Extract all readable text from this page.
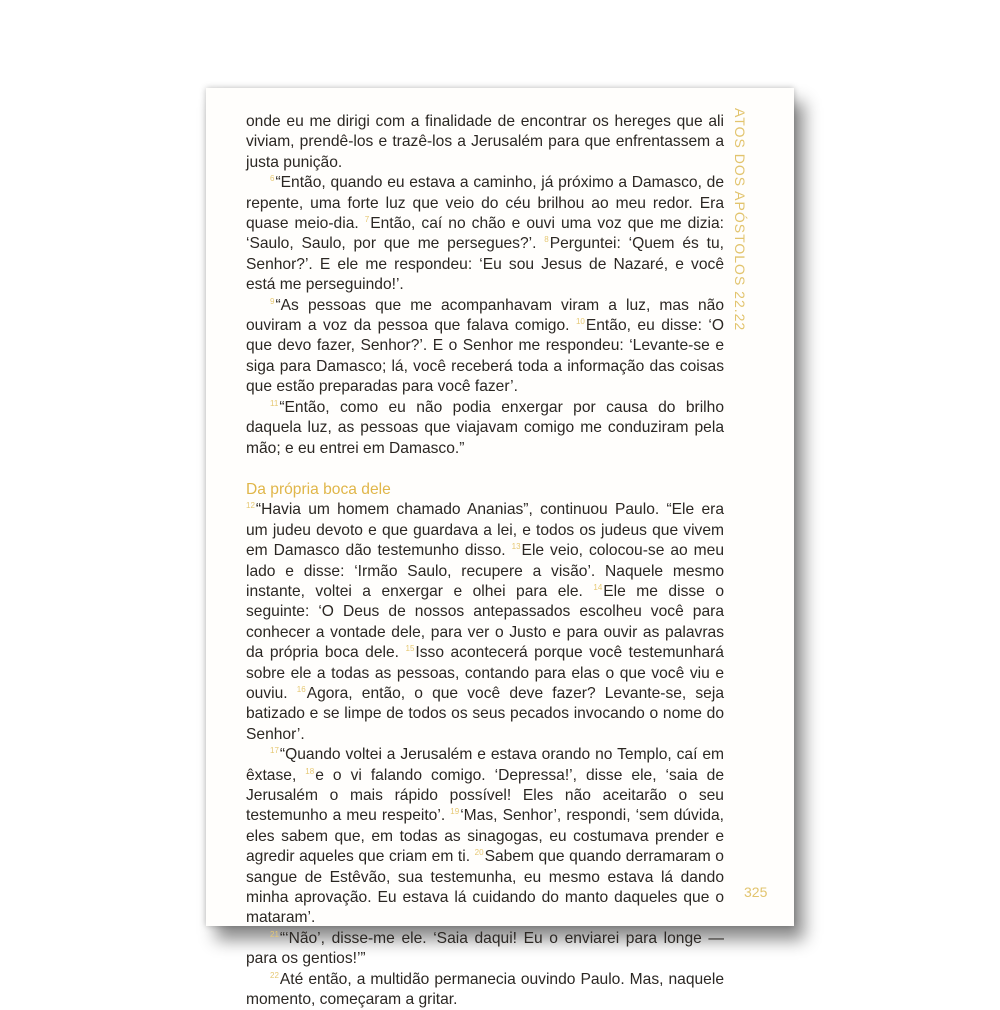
ATOS DOS APÓSTOLOS 22.22

onde eu me dirigi com a finalidade de encontrar os hereges que ali viviam, prendê-los e trazê-los a Jerusalém para que enfrentassem a justa punição.

$^6$“Então, quando eu estava a caminho, já próximo a Damasco, de repente, uma forte luz que veio do céu brilhou ao meu redor. Era quase meio-dia. $^7$Então, caí no chão e ouvi uma voz que me dizia: ‘Saulo, Saulo, por que me persegues?’. $^8$Perguntei: ‘Quem és tu, Senhor?’. E ele me respondeu: ‘Eu sou Jesus de Nazaré, e você está me perseguindo!’.

$^9$“As pessoas que me acompanhavam viram a luz, mas não ouviram a voz da pessoa que falava comigo. $^{10}$Então, eu disse: ‘O que devo fazer, Senhor?’. E o Senhor me respondeu: ‘Levante-se e siga para Damasco; lá, você receberá toda a informação das coisas que estão preparadas para você fazer’.

$^{11}$“Então, como eu não podia enxergar por causa do brilho daquela luz, as pessoas que viajavam comigo me conduziram pela mão; e eu entrei em Damasco.”

Da própria boca dele

$^{12}$“Havia um homem chamado Ananias”, continuou Paulo. “Ele era um judeu devoto e que guardava a lei, e todos os judeus que vivem em Damasco dão testemunho disso. $^{13}$Ele veio, colocou-se ao meu lado e disse: ‘Irmão Saulo, recupere a visão’. Naquele mesmo instante, voltei a enxergar e olhei para ele. $^{14}$Ele me disse o seguinte: ‘O Deus de nossos antepassados escolheu você para conhecer a vontade dele, para ver o Justo e para ouvir as palavras da própria boca dele. $^{15}$Isso acontecerá porque você testemunhará sobre ele a todas as pessoas, contando para elas o que você viu e ouviu. $^{16}$Agora, então, o que você deve fazer? Levante-se, seja batizado e se limpe de todos os seus pecados invocando o nome do Senhor’.

$^{17}$“Quando voltei a Jerusalém e estava orando no Templo, caí em êxtase, $^{18}$e o vi falando comigo. ‘Depressa!’, disse ele, ‘saia de Jerusalém o mais rápido possível! Eles não aceitarão o seu testemunho a meu respeito’. $^{19}$‘Mas, Senhor’, respondi, ‘sem dúvida, eles sabem que, em todas as sinagogas, eu costumava prender e agredir aqueles que criam em ti. $^{20}$Sabem que quando derramaram o sangue de Estêvão, sua testemunha, eu mesmo estava lá dando minha aprovação. Eu estava lá cuidando do manto daqueles que o mataram’.

$^{21}$“‘Não’, disse-me ele. ‘Saia daqui! Eu o enviarei para longe — para os gentios!’”

$^{22}$Até então, a multidão permanecia ouvindo Paulo. Mas, naquele momento, começaram a gritar.

325
